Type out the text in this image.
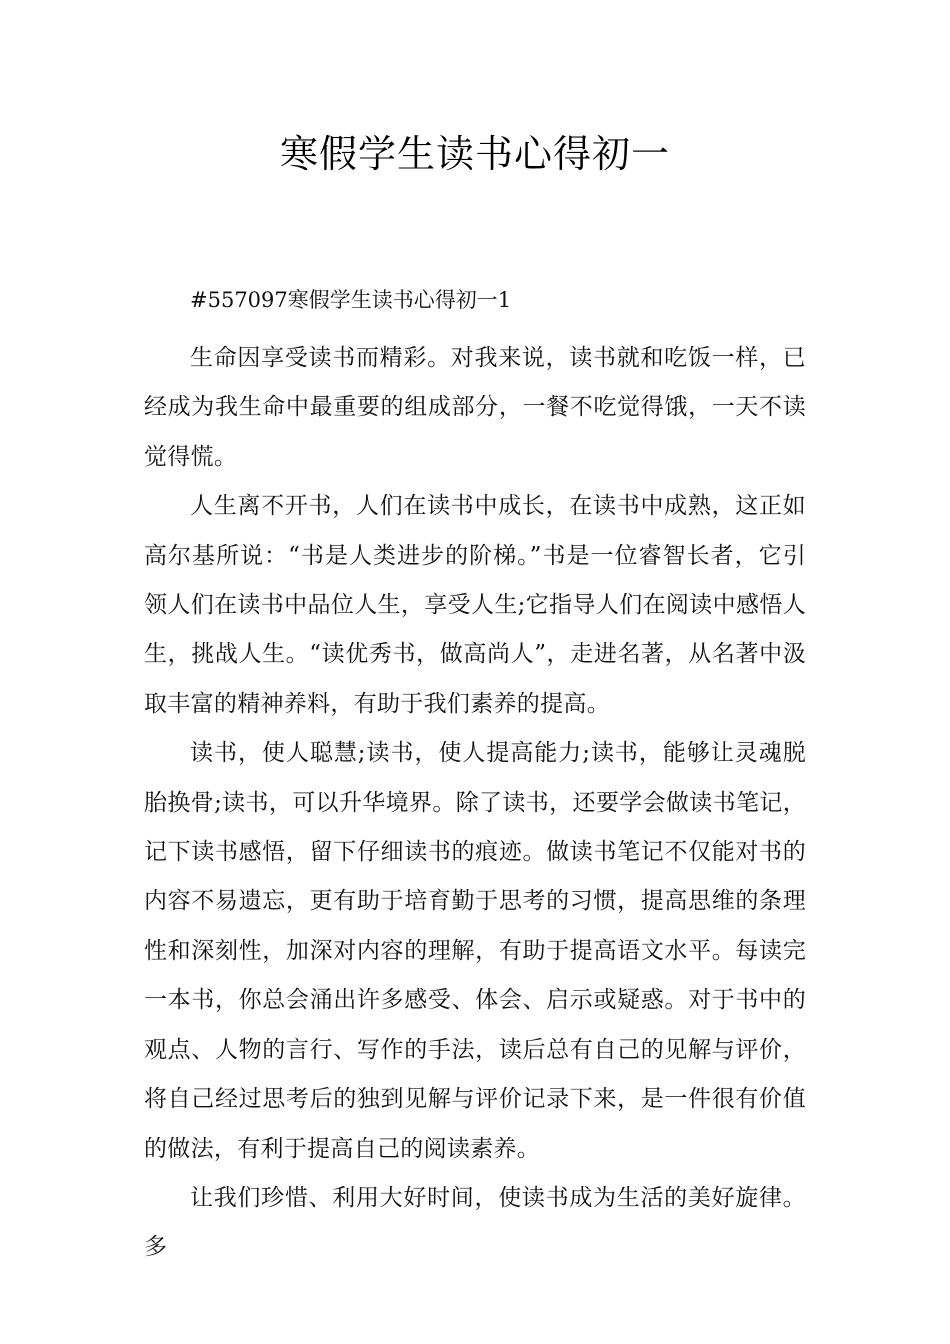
寒假学生读书心得初一
#557097寒假学生读书心得初一1

生命因享受读书而精彩。对我来说，读书就和吃饭一样，已经成为我生命中最重要的组成部分，一餐不吃觉得饿，一天不读觉得慌。

人生离不开书，人们在读书中成长，在读书中成熟，这正如高尔基所说：“书是人类进步的阶梯。”书是一位睿智长者，它引领人们在读书中品位人生，享受人生;它指导人们在阅读中感悟人生，挑战人生。“读优秀书，做高尚人”，走进名著，从名著中汲取丰富的精神养料，有助于我们素养的提高。

读书，使人聪慧;读书，使人提高能力;读书，能够让灵魂脱胎换骨;读书，可以升华境界。除了读书，还要学会做读书笔记，记下读书感悟，留下仔细读书的痕迹。做读书笔记不仅能对书的内容不易遗忘，更有助于培育勤于思考的习惯，提高思维的条理性和深刻性，加深对内容的理解，有助于提高语文水平。每读完一本书，你总会涌出许多感受、体会、启示或疑惑。对于书中的观点、人物的言行、写作的手法，读后总有自己的见解与评价，将自己经过思考后的独到见解与评价记录下来，是一件很有价值的做法，有利于提高自己的阅读素养。

让我们珍惜、利用大好时间，使读书成为生活的美好旋律。多
